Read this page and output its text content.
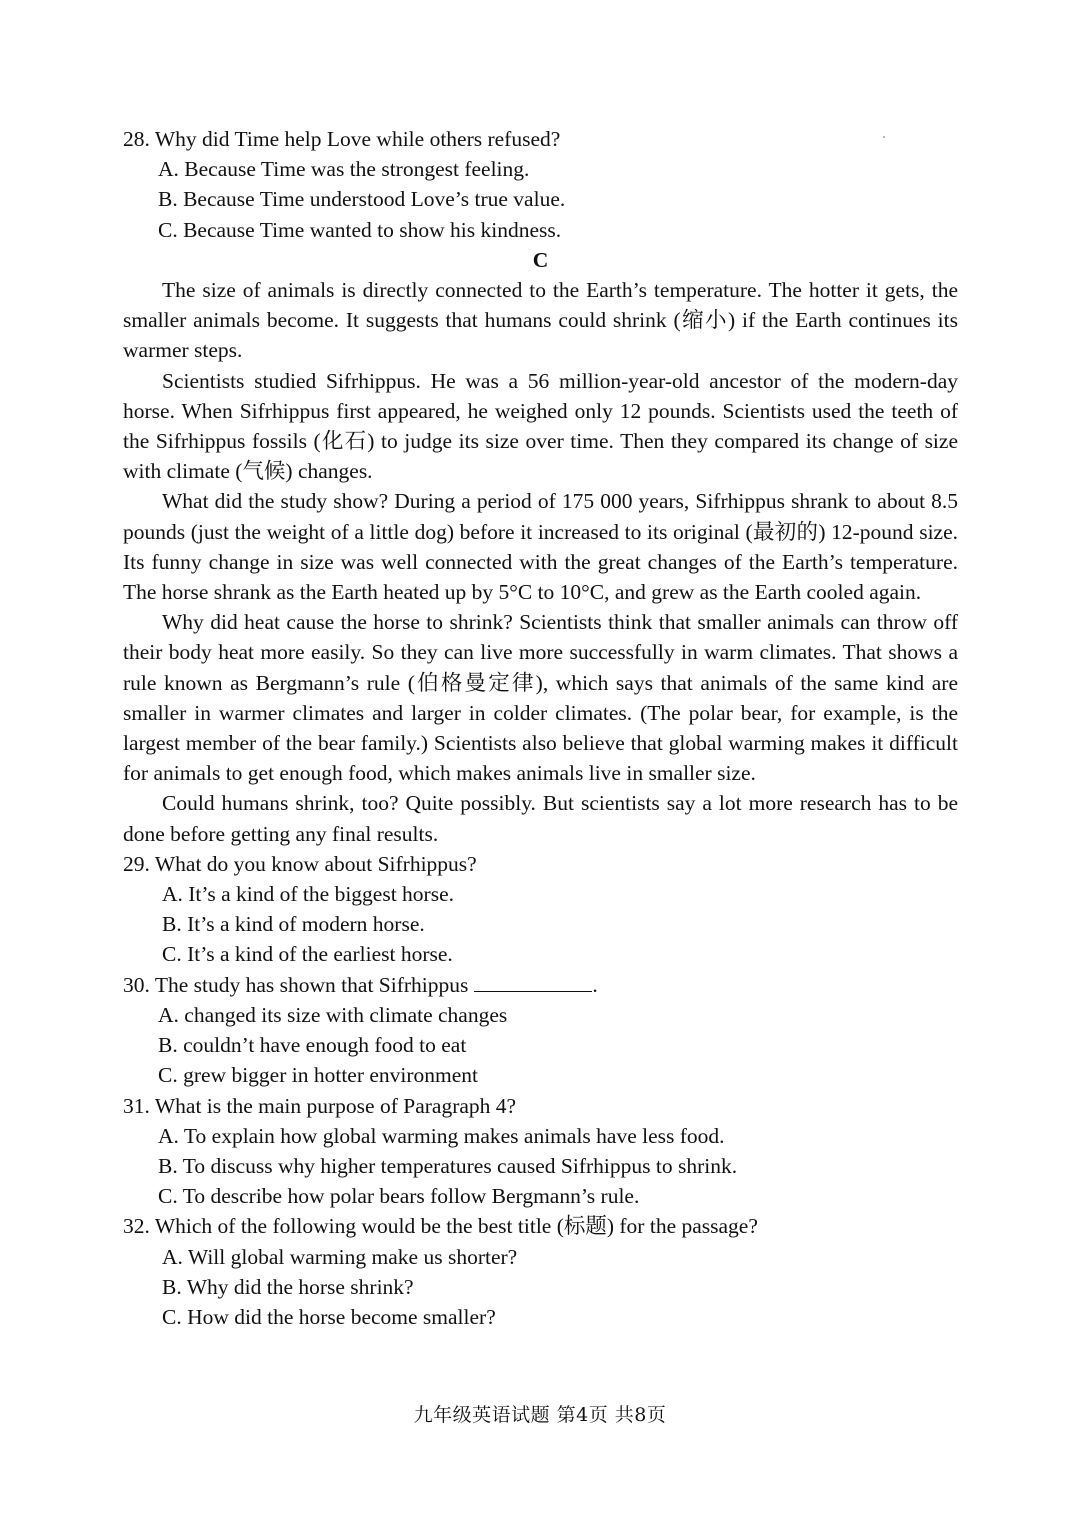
28. Why did Time help Love while others refused?
A. Because Time was the strongest feeling.
B. Because Time understood Love’s true value.
C. Because Time wanted to show his kindness.
C

The size of animals is directly connected to the Earth’s temperature. The hotter it gets, the smaller animals become. It suggests that humans could shrink (缩小) if the Earth continues its warmer steps.

Scientists studied Sifrhippus. He was a 56 million-year-old ancestor of the modern-day horse. When Sifrhippus first appeared, he weighed only 12 pounds. Scientists used the teeth of the Sifrhippus fossils (化石) to judge its size over time. Then they compared its change of size with climate (气候) changes.

What did the study show? During a period of 175 000 years, Sifrhippus shrank to about 8.5 pounds (just the weight of a little dog) before it increased to its original (最初的) 12-pound size. Its funny change in size was well connected with the great changes of the Earth’s temperature. The horse shrank as the Earth heated up by 5°C to 10°C, and grew as the Earth cooled again.

Why did heat cause the horse to shrink? Scientists think that smaller animals can throw off their body heat more easily. So they can live more successfully in warm climates. That shows a rule known as Bergmann’s rule (伯格曼定律), which says that animals of the same kind are smaller in warmer climates and larger in colder climates. (The polar bear, for example, is the largest member of the bear family.) Scientists also believe that global warming makes it difficult for animals to get enough food, which makes animals live in smaller size.

Could humans shrink, too? Quite possibly. But scientists say a lot more research has to be done before getting any final results.

29. What do you know about Sifrhippus?
A. It’s a kind of the biggest horse.
B. It’s a kind of modern horse.
C. It’s a kind of the earliest horse.
30. The study has shown that Sifrhippus	.
A. changed its size with climate changes
B. couldn’t have enough food to eat
C. grew bigger in hotter environment
31. What is the main purpose of Paragraph 4?
A. To explain how global warming makes animals have less food.
B. To discuss why higher temperatures caused Sifrhippus to shrink.
C. To describe how polar bears follow Bergmann’s rule.
32. Which of the following would be the best title (标题) for the passage?
A. Will global warming make us shorter?
B. Why did the horse shrink?
C. How did the horse become smaller?
九年级英语试题 第4页 共8页
